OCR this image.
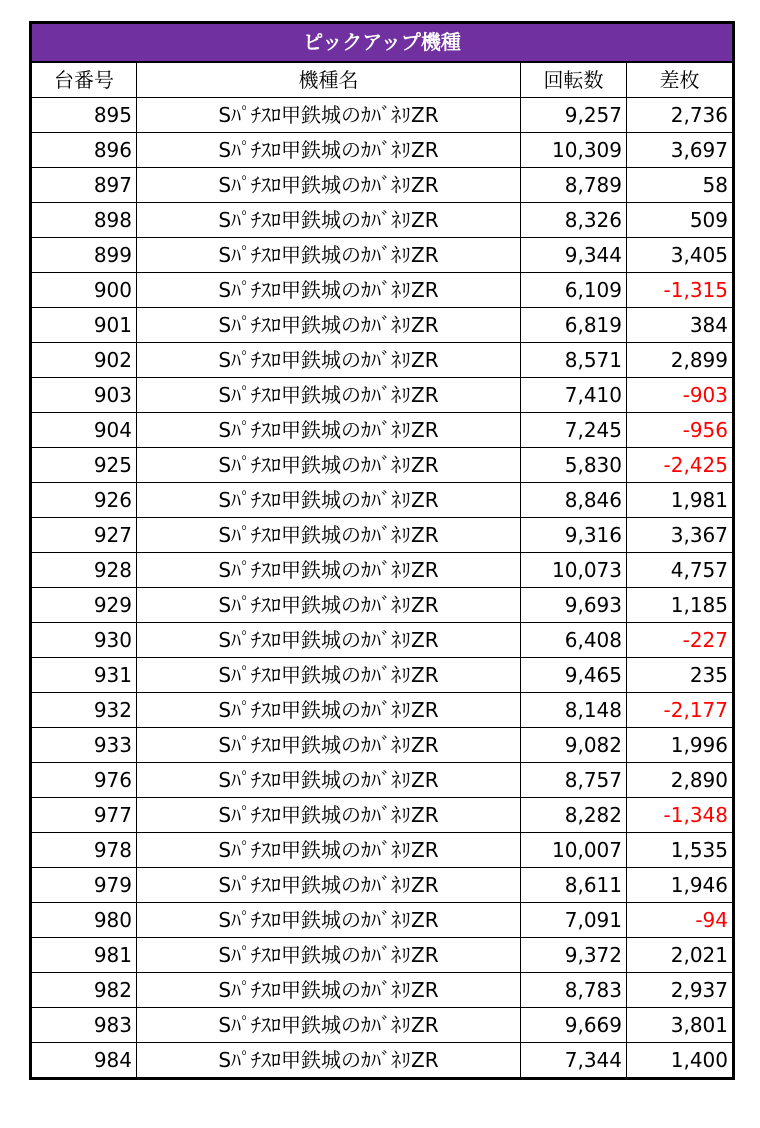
ピックアップ機種			
台番号	機種名	回転数	差枚
895	Sﾊﾟﾁｽﾛ甲鉄城のｶﾊﾞﾈﾘZR	9,257	2,736
896	Sﾊﾟﾁｽﾛ甲鉄城のｶﾊﾞﾈﾘZR	10,309	3,697
897	Sﾊﾟﾁｽﾛ甲鉄城のｶﾊﾞﾈﾘZR	8,789	58
898	Sﾊﾟﾁｽﾛ甲鉄城のｶﾊﾞﾈﾘZR	8,326	509
899	Sﾊﾟﾁｽﾛ甲鉄城のｶﾊﾞﾈﾘZR	9,344	3,405
900	Sﾊﾟﾁｽﾛ甲鉄城のｶﾊﾞﾈﾘZR	6,109	-1,315
901	Sﾊﾟﾁｽﾛ甲鉄城のｶﾊﾞﾈﾘZR	6,819	384
902	Sﾊﾟﾁｽﾛ甲鉄城のｶﾊﾞﾈﾘZR	8,571	2,899
903	Sﾊﾟﾁｽﾛ甲鉄城のｶﾊﾞﾈﾘZR	7,410	-903
904	Sﾊﾟﾁｽﾛ甲鉄城のｶﾊﾞﾈﾘZR	7,245	-956
925	Sﾊﾟﾁｽﾛ甲鉄城のｶﾊﾞﾈﾘZR	5,830	-2,425
926	Sﾊﾟﾁｽﾛ甲鉄城のｶﾊﾞﾈﾘZR	8,846	1,981
927	Sﾊﾟﾁｽﾛ甲鉄城のｶﾊﾞﾈﾘZR	9,316	3,367
928	Sﾊﾟﾁｽﾛ甲鉄城のｶﾊﾞﾈﾘZR	10,073	4,757
929	Sﾊﾟﾁｽﾛ甲鉄城のｶﾊﾞﾈﾘZR	9,693	1,185
930	Sﾊﾟﾁｽﾛ甲鉄城のｶﾊﾞﾈﾘZR	6,408	-227
931	Sﾊﾟﾁｽﾛ甲鉄城のｶﾊﾞﾈﾘZR	9,465	235
932	Sﾊﾟﾁｽﾛ甲鉄城のｶﾊﾞﾈﾘZR	8,148	-2,177
933	Sﾊﾟﾁｽﾛ甲鉄城のｶﾊﾞﾈﾘZR	9,082	1,996
976	Sﾊﾟﾁｽﾛ甲鉄城のｶﾊﾞﾈﾘZR	8,757	2,890
977	Sﾊﾟﾁｽﾛ甲鉄城のｶﾊﾞﾈﾘZR	8,282	-1,348
978	Sﾊﾟﾁｽﾛ甲鉄城のｶﾊﾞﾈﾘZR	10,007	1,535
979	Sﾊﾟﾁｽﾛ甲鉄城のｶﾊﾞﾈﾘZR	8,611	1,946
980	Sﾊﾟﾁｽﾛ甲鉄城のｶﾊﾞﾈﾘZR	7,091	-94
981	Sﾊﾟﾁｽﾛ甲鉄城のｶﾊﾞﾈﾘZR	9,372	2,021
982	Sﾊﾟﾁｽﾛ甲鉄城のｶﾊﾞﾈﾘZR	8,783	2,937
983	Sﾊﾟﾁｽﾛ甲鉄城のｶﾊﾞﾈﾘZR	9,669	3,801
984	Sﾊﾟﾁｽﾛ甲鉄城のｶﾊﾞﾈﾘZR	7,344	1,400
